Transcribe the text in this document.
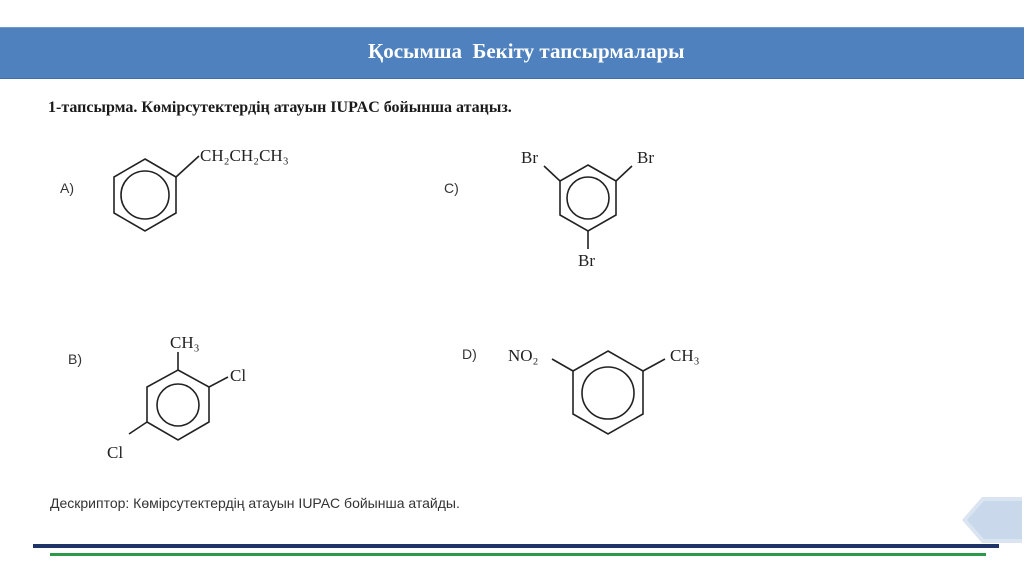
Қосымша  Бекіту тапсырмалары
1-тапсырма. Көмірсутектердің атауын IUPAC бойынша атаңыз.
A)
CH₂CH₂CH₃
C)
Br	Br
Br
B)
CH₃
Cl
Cl
D) NO₂	CH₃
Дескриптор: Көмірсутектердің атауын IUPAC бойынша атайды.
